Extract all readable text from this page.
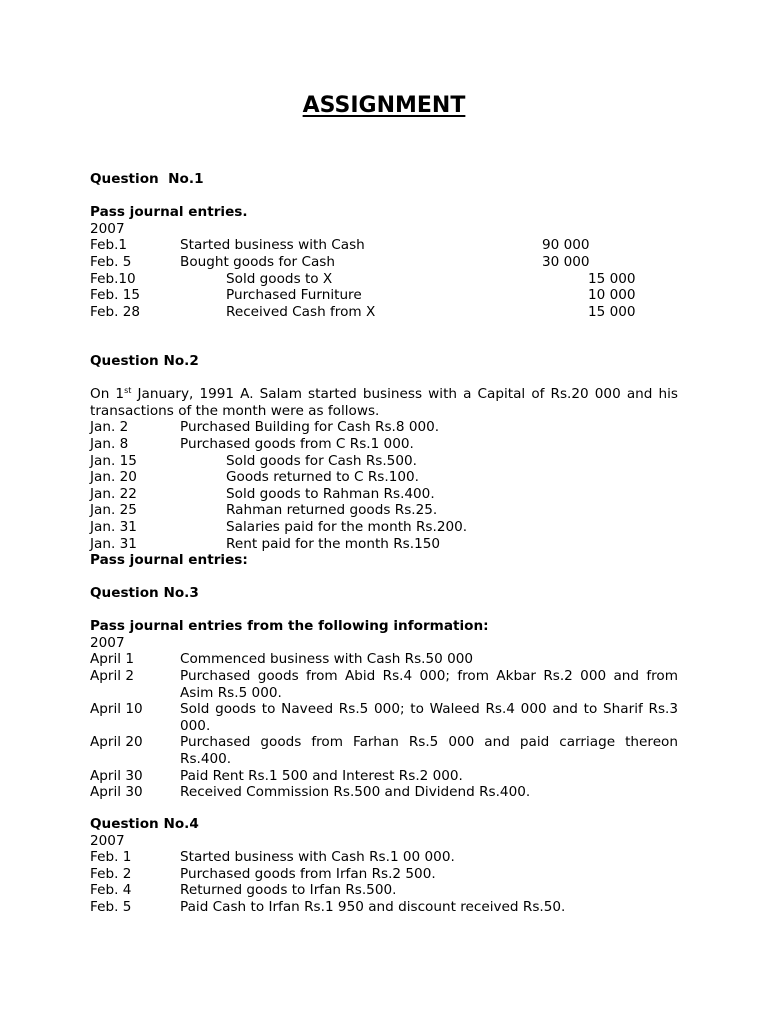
ASSIGNMENT
Question  No.1
Pass journal entries.
2007
Feb.1	Started business with Cash	90 000
Feb. 5	Bought goods for Cash	30 000
Feb.10	Sold goods to X	15 000
Feb. 15	Purchased Furniture	10 000
Feb. 28	Received Cash from X	15 000
Question No.2
On 1st January, 1991 A. Salam started business with a Capital of Rs.20 000 and his transactions of the month were as follows.
Jan. 2	Purchased Building for Cash Rs.8 000.
Jan. 8	Purchased goods from C Rs.1 000.
Jan. 15	Sold goods for Cash Rs.500.
Jan. 20	Goods returned to C Rs.100.
Jan. 22	Sold goods to Rahman Rs.400.
Jan. 25	Rahman returned goods Rs.25.
Jan. 31	Salaries paid for the month Rs.200.
Jan. 31	Rent paid for the month Rs.150
Pass journal entries:
Question No.3
Pass journal entries from the following information:
2007
April 1	Commenced business with Cash Rs.50 000
April 2	Purchased goods from Abid Rs.4 000; from Akbar Rs.2 000 and from Asim Rs.5 000.
April 10	Sold goods to Naveed Rs.5 000; to Waleed Rs.4 000 and to Sharif Rs.3 000.
April 20	Purchased goods from Farhan Rs.5 000 and paid carriage thereon Rs.400.
April 30	Paid Rent Rs.1 500 and Interest Rs.2 000.
April 30	Received Commission Rs.500 and Dividend Rs.400.
Question No.4
2007
Feb. 1	Started business with Cash Rs.1 00 000.
Feb. 2	Purchased goods from Irfan Rs.2 500.
Feb. 4	Returned goods to Irfan Rs.500.
Feb. 5	Paid Cash to Irfan Rs.1 950 and discount received Rs.50.
